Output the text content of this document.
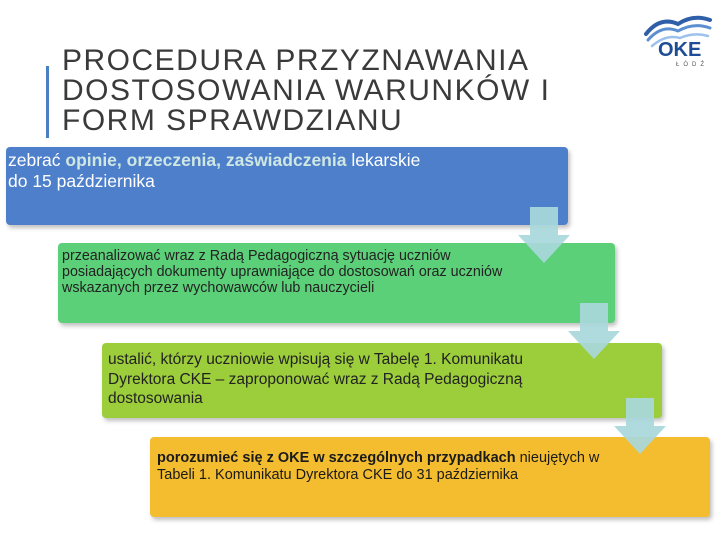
PROCEDURA PRZYZNAWANIA
DOSTOSOWANIA WARUNKÓW I
FORM SPRAWDZIANU
OKE
ŁÓDŹ
zebrać opinie, orzeczenia, zaświadczenia lekarskie do 15 października
przeanalizować wraz z Radą Pedagogiczną sytuację uczniów posiadających dokumenty uprawniające do dostosowań oraz uczniów wskazanych przez wychowawców lub nauczycieli
ustalić, którzy uczniowie wpisują się w Tabelę 1. Komunikatu Dyrektora CKE – zaproponować wraz z Radą Pedagogiczną dostosowania
porozumieć się z OKE w szczególnych przypadkach nieujętych w Tabeli 1. Komunikatu Dyrektora CKE do 31 października
